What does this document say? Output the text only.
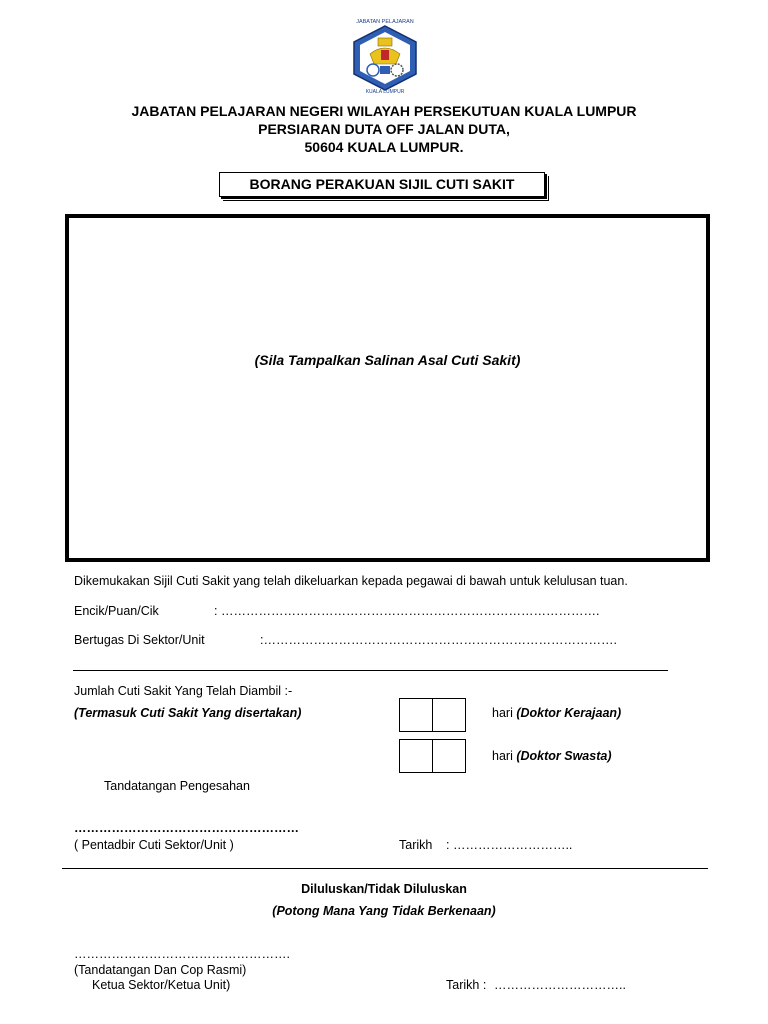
JABATAN PELAJARAN
KUALA LUMPUR
JABATAN PELAJARAN NEGERI WILAYAH PERSEKUTUAN KUALA LUMPUR
PERSIARAN DUTA OFF JALAN DUTA,
50604 KUALA LUMPUR.
BORANG PERAKUAN SIJIL CUTI SAKIT
(Sila Tampalkan Salinan Asal Cuti Sakit)
Dikemukakan Sijil Cuti Sakit yang telah dikeluarkan kepada pegawai di bawah untuk kelulusan tuan.
Encik/Puan/Cik	: ……………………………………………………………………………….
Bertugas Di Sektor/Unit	:………………………………………………………………………….
Jumlah Cuti Sakit Yang Telah Diambil :-
(Termasuk Cuti Sakit Yang disertakan)	hari (Doktor Kerajaan)
hari (Doktor Swasta)
Tandatangan Pengesahan
………………………………………………
( Pentadbir Cuti Sektor/Unit )	Tarikh : ………………………..
Diluluskan/Tidak Diluluskan
(Potong Mana Yang Tidak Berkenaan)
…………………………………………….
(Tandatangan Dan Cop Rasmi)
Ketua Sektor/Ketua Unit)	Tarikh : …………………………..
